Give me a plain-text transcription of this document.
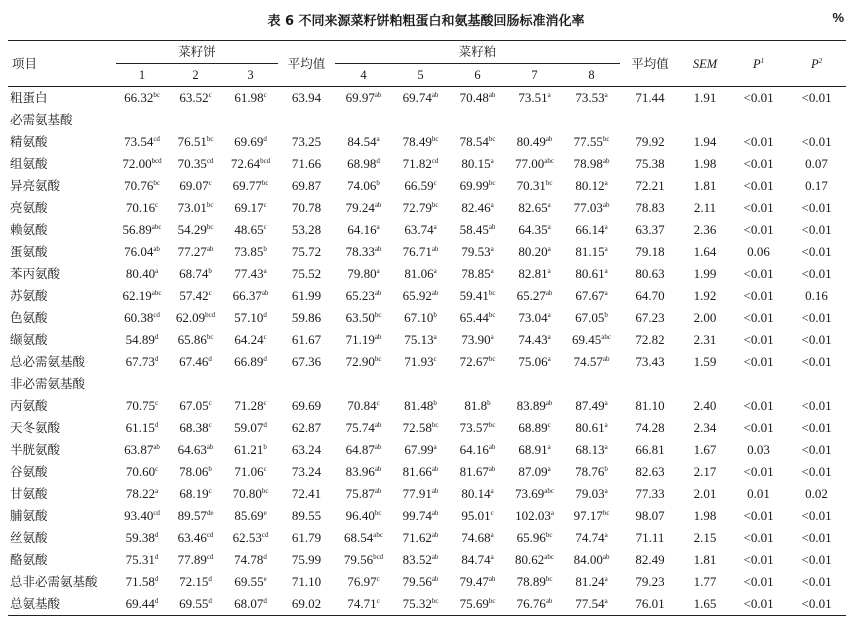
表 6 不同来源菜籽饼粕粗蛋白和氨基酸回肠标准消化率	%
项目	菜籽饼			平均值	菜籽粕					平均值	SEM	$P^1$	$P^2$
	1	2	3		4	5	6	7	8				
粗蛋白	66.32$^{bc}$	63.52$^c$	61.98$^c$	63.94	69.97$^{ab}$	69.74$^{ab}$	70.48$^{ab}$	73.51$^a$	73.53$^a$	71.44	1.91	<0.01	<0.01
必需氨基酸													
精氨酸	73.54$^{cd}$	76.51$^{bc}$	69.69$^d$	73.25	84.54$^a$	78.49$^{bc}$	78.54$^{bc}$	80.49$^{ab}$	77.55$^{bc}$	79.92	1.94	<0.01	<0.01
组氨酸	72.00$^{bcd}$	70.35$^{cd}$	72.64$^{bcd}$	71.66	68.98$^d$	71.82$^{cd}$	80.15$^a$	77.00$^{abc}$	78.98$^{ab}$	75.38	1.98	<0.01	0.07
异亮氨酸	70.76$^{bc}$	69.07$^c$	69.77$^{bc}$	69.87	74.06$^b$	66.59$^c$	69.99$^{bc}$	70.31$^{bc}$	80.12$^a$	72.21	1.81	<0.01	0.17
亮氨酸	70.16$^c$	73.01$^{bc}$	69.17$^c$	70.78	79.24$^{ab}$	72.79$^{bc}$	82.46$^a$	82.65$^a$	77.03$^{ab}$	78.83	2.11	<0.01	<0.01
赖氨酸	56.89$^{abc}$	54.29$^{bc}$	48.65$^c$	53.28	64.16$^a$	63.74$^a$	58.45$^{ab}$	64.35$^a$	66.14$^a$	63.37	2.36	<0.01	<0.01
蛋氨酸	76.04$^{ab}$	77.27$^{ab}$	73.85$^b$	75.72	78.33$^{ab}$	76.71$^{ab}$	79.53$^a$	80.20$^a$	81.15$^a$	79.18	1.64	0.06	<0.01
苯丙氨酸	80.40$^a$	68.74$^b$	77.43$^a$	75.52	79.80$^a$	81.06$^a$	78.85$^a$	82.81$^a$	80.61$^a$	80.63	1.99	<0.01	<0.01
苏氨酸	62.19$^{abc}$	57.42$^c$	66.37$^{ab}$	61.99	65.23$^{ab}$	65.92$^{ab}$	59.41$^{bc}$	65.27$^{ab}$	67.67$^a$	64.70	1.92	<0.01	0.16
色氨酸	60.38$^{cd}$	62.09$^{bcd}$	57.10$^d$	59.86	63.50$^{bc}$	67.10$^b$	65.44$^{bc}$	73.04$^a$	67.05$^b$	67.23	2.00	<0.01	<0.01
缬氨酸	54.89$^d$	65.86$^{bc}$	64.24$^c$	61.67	71.19$^{ab}$	75.13$^a$	73.90$^a$	74.43$^a$	69.45$^{abc}$	72.82	2.31	<0.01	<0.01
总必需氨基酸	67.73$^d$	67.46$^d$	66.89$^d$	67.36	72.90$^{bc}$	71.93$^c$	72.67$^{bc}$	75.06$^a$	74.57$^{ab}$	73.43	1.59	<0.01	<0.01
非必需氨基酸													
丙氨酸	70.75$^c$	67.05$^c$	71.28$^c$	69.69	70.84$^c$	81.48$^b$	81.8$^b$	83.89$^{ab}$	87.49$^a$	81.10	2.40	<0.01	<0.01
天冬氨酸	61.15$^d$	68.38$^c$	59.07$^d$	62.87	75.74$^{ab}$	72.58$^{bc}$	73.57$^{bc}$	68.89$^c$	80.61$^a$	74.28	2.34	<0.01	<0.01
半胱氨酸	63.87$^{ab}$	64.63$^{ab}$	61.21$^b$	63.24	64.87$^{ab}$	67.99$^a$	64.16$^{ab}$	68.91$^a$	68.13$^a$	66.81	1.67	0.03	<0.01
谷氨酸	70.60$^c$	78.06$^b$	71.06$^c$	73.24	83.96$^{ab}$	81.66$^{ab}$	81.67$^{ab}$	87.09$^a$	78.76$^b$	82.63	2.17	<0.01	<0.01
甘氨酸	78.22$^a$	68.19$^c$	70.80$^{bc}$	72.41	75.87$^{ab}$	77.91$^{ab}$	80.14$^a$	73.69$^{abc}$	79.03$^a$	77.33	2.01	0.01	0.02
脯氨酸	93.40$^{cd}$	89.57de	85.69e	89.55	96.40$^{bc}$	99.74$^{ab}$	95.01$^c$	102.03$^a$	97.17$^{bc}$	98.07	1.98	<0.01	<0.01
丝氨酸	59.38$^d$	63.46$^{cd}$	62.53$^{cd}$	61.79	68.54$^{abc}$	71.62$^{ab}$	74.68$^a$	65.96$^{bc}$	74.74$^a$	71.11	2.15	<0.01	<0.01
酪氨酸	75.31$^d$	77.89$^{cd}$	74.78$^d$	75.99	79.56$^{bcd}$	83.52$^{ab}$	84.74$^a$	80.62$^{abc}$	84.00$^{ab}$	82.49	1.81	<0.01	<0.01
总非必需氨基酸	71.58$^d$	72.15$^d$	69.55e	71.10	76.97$^c$	79.56$^{ab}$	79.47$^{ab}$	78.89$^{bc}$	81.24$^a$	79.23	1.77	<0.01	<0.01
总氨基酸	69.44$^d$	69.55$^d$	68.07$^d$	69.02	74.71$^c$	75.32$^{bc}$	75.69$^{bc}$	76.76$^{ab}$	77.54$^a$	76.01	1.65	<0.01	<0.01
